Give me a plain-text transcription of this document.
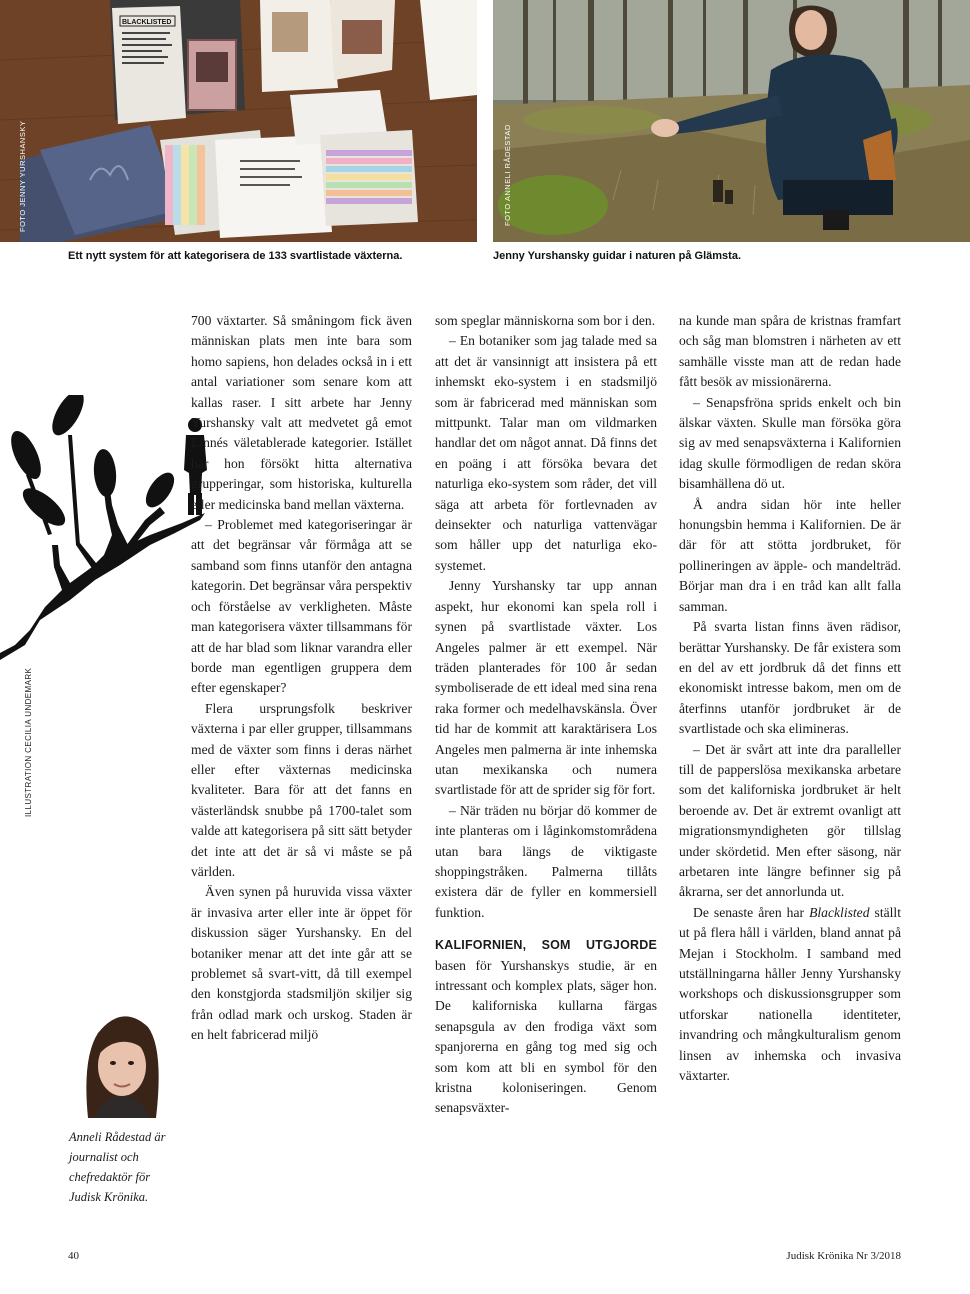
BLACKLISTED
FOTO JENNY YURSHANSKY	FOTO ANNELI RÅDESTAD
Ett nytt system för att kategorisera de 133 svartlistade växterna.	Jenny Yurshansky guidar i naturen på Glämsta.
ILLUSTRATION CECILIA UNDEMARK

700 växtarter. Så småningom fick även människan plats men inte bara som homo sapiens, hon delades också in i ett antal variationer som senare kom att kallas raser. I sitt arbete har Jenny Yurshansky valt att medvetet gå emot Linnés väletablerade kategorier. Istället har hon försökt hitta alternativa grupperingar, som historiska, kulturella eller medicinska band mellan växterna.

– Problemet med kategoriseringar är att det begränsar vår förmåga att se samband som finns utanför den antagna kategorin. Det begränsar våra perspektiv och förståelse av verkligheten. Måste man kategorisera växter tillsammans för att de har blad som liknar varandra eller borde man egentligen gruppera dem efter egenskaper?

Flera ursprungsfolk beskriver växterna i par eller grupper, tillsammans med de växter som finns i deras närhet eller efter växternas medicinska kvaliteter. Bara för att det fanns en västerländsk snubbe på 1700-talet som valde att kategorisera på sitt sätt betyder det inte att det är så vi måste se på världen.

Även synen på huruvida vissa växter är invasiva arter eller inte är öppet för diskussion säger Yurshansky. En del botaniker menar att det inte går att se problemet så svart-vitt, då till exempel den konstgjorda stadsmiljön skiljer sig från odlad mark och urskog. Staden är en helt fabricerad miljö

som speglar människorna som bor i den.

– En botaniker som jag talade med sa att det är vansinnigt att insistera på ett inhemskt eko-system i en stadsmiljö som är fabricerad med människan som mittpunkt. Talar man om vildmarken handlar det om något annat. Då finns det en poäng i att försöka bevara det naturliga eko-system som råder, det vill säga att arbeta för fortlevnaden av deinsekter och naturliga vattenvägar som håller upp det naturliga eko-systemet.

Jenny Yurshansky tar upp annan aspekt, hur ekonomi kan spela roll i synen på svartlistade växter. Los Angeles palmer är ett exempel. När träden planterades för 100 år sedan symboliserade de ett ideal med sina rena raka former och medelhavskänsla. Över tid har de kommit att karaktärisera Los Angeles men palmerna är inte inhemska utan mexikanska och numera svartlistade för att de sprider sig för fort.

– När träden nu börjar dö kommer de inte planteras om i låginkomstområdena utan bara längs de viktigaste shoppingstråken. Palmerna tillåts existera där de fyller en kommersiell funktion.

KALIFORNIEN, SOM UTGJORDE basen för Yurshanskys studie, är en intressant och komplex plats, säger hon. De kaliforniska kullarna färgas senapsgula av den frodiga växt som spanjorerna en gång tog med sig och som kom att bli en symbol för den kristna koloniseringen. Genom senapsväxter-

na kunde man spåra de kristnas framfart och såg man blomstren i närheten av ett samhälle visste man att de redan hade fått besök av missionärerna.

– Senapsfröna sprids enkelt och bin älskar växten. Skulle man försöka göra sig av med senapsväxterna i Kalifornien idag skulle förmodligen de redan sköra bisamhällena dö ut.

Å andra sidan hör inte heller honungsbin hemma i Kalifornien. De är där för att stötta jordbruket, för pollineringen av äpple- och mandelträd. Börjar man dra i en tråd kan allt falla samman.

På svarta listan finns även rädisor, berättar Yurshansky. De får existera som en del av ett jordbruk då det finns ett ekonomiskt intresse bakom, men om de återfinns utanför jordbruket är de svartlistade och ska elimineras.

– Det är svårt att inte dra paralleller till de papperslösa mexikanska arbetare som det kaliforniska jordbruket är helt beroende av. Det är extremt ovanligt att migrationsmyndigheten gör tillslag under skördetid. Men efter säsong, när arbetaren inte längre befinner sig på åkrarna, ser det annorlunda ut.

De senaste åren har Blacklisted ställt ut på flera håll i världen, bland annat på Mejan i Stockholm. I samband med utställningarna håller Jenny Yurshansky workshops och diskussionsgrupper som utforskar nationella identiteter, invandring och mångkulturalism genom linsen av inhemska och invasiva växtarter.

Anneli Rådestad är journalist och chefredaktör för Judisk Krönika.
40	Judisk Krönika Nr 3/2018
